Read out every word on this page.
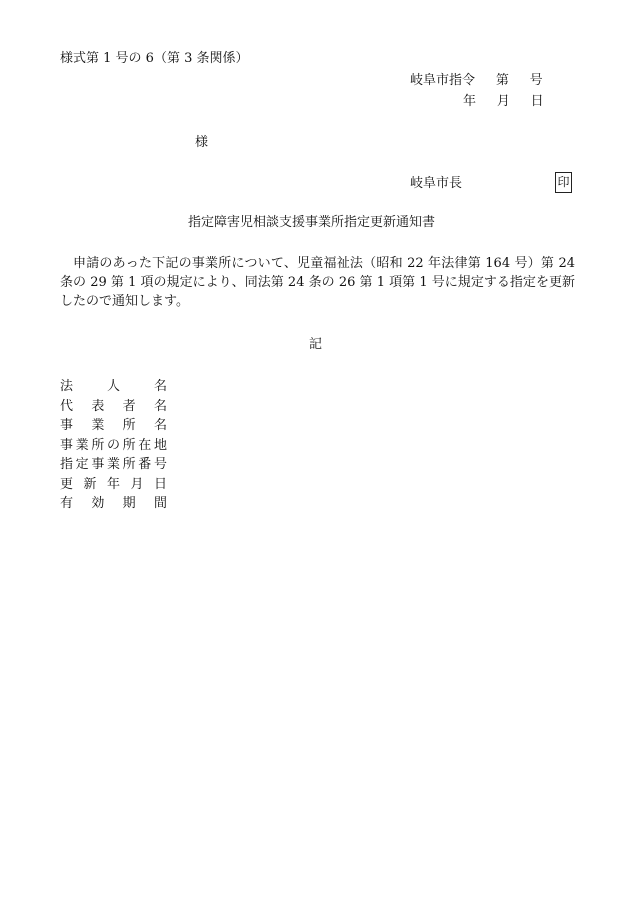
様式第 1 号の 6（第 3 条関係）
岐阜市指令 第 号
年 月 日
様
岐阜市長	印
指定障害児相談支援事業所指定更新通知書
申請のあった下記の事業所について、児童福祉法（昭和 22 年法律第 164 号）第 24 条の 29 第 1 項の規定により、同法第 24 条の 26 第 1 項第 1 号に規定する指定を更新したので通知します。
記
法	人	名
代 表 者 名
事 業 所 名
事 業 所 の 所 在 地
指 定 事 業 所 番 号
更 新 年 月 日
有 効 期 間
